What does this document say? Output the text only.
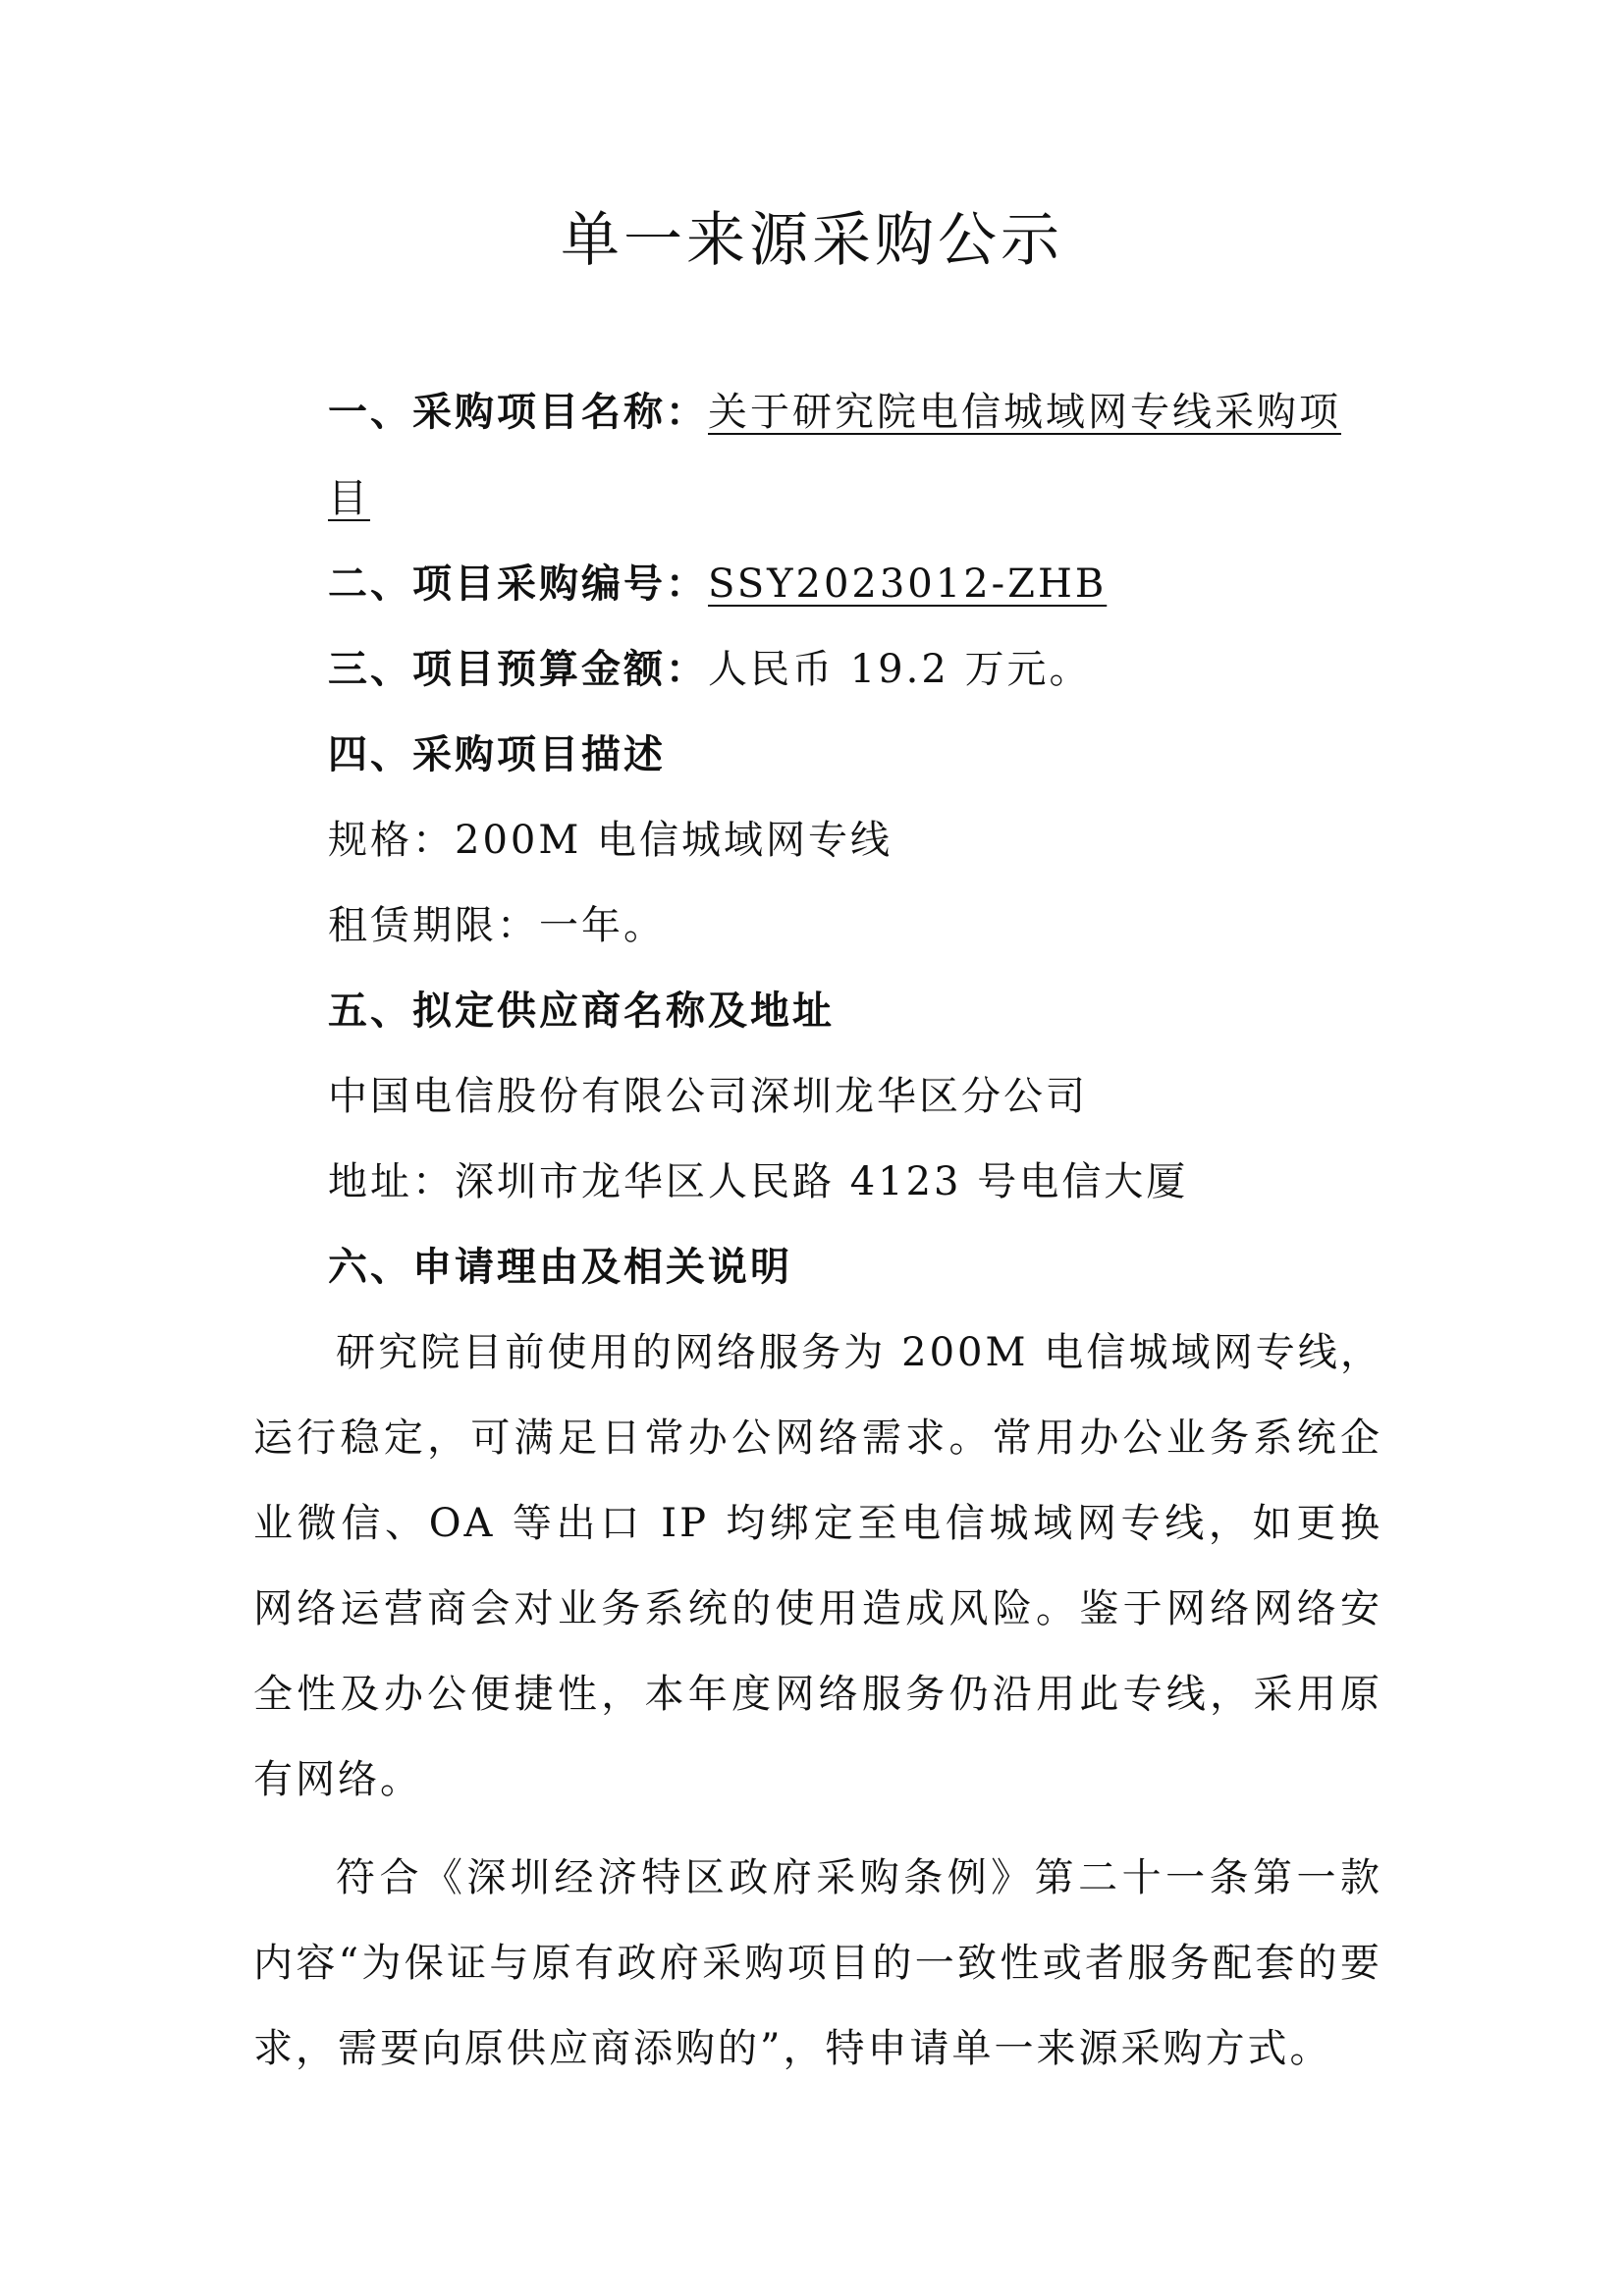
单一来源采购公示
一、采购项目名称：关于研究院电信城域网专线采购项
目
二、项目采购编号：SSY2023012-ZHB
三、项目预算金额：人民币 19.2 万元。
四、采购项目描述
规格：200M 电信城域网专线
租赁期限：一年。
五、拟定供应商名称及地址
中国电信股份有限公司深圳龙华区分公司
地址：深圳市龙华区人民路 4123 号电信大厦
六、申请理由及相关说明

研究院目前使用的网络服务为 200M 电信城域网专线，运行稳定，可满足日常办公网络需求。常用办公业务系统企业微信、OA 等出口 IP 均绑定至电信城域网专线，如更换网络运营商会对业务系统的使用造成风险。鉴于网络网络安全性及办公便捷性，本年度网络服务仍沿用此专线，采用原有网络。

符合《深圳经济特区政府采购条例》第二十一条第一款内容“为保证与原有政府采购项目的一致性或者服务配套的要求，需要向原供应商添购的”，特申请单一来源采购方式。
